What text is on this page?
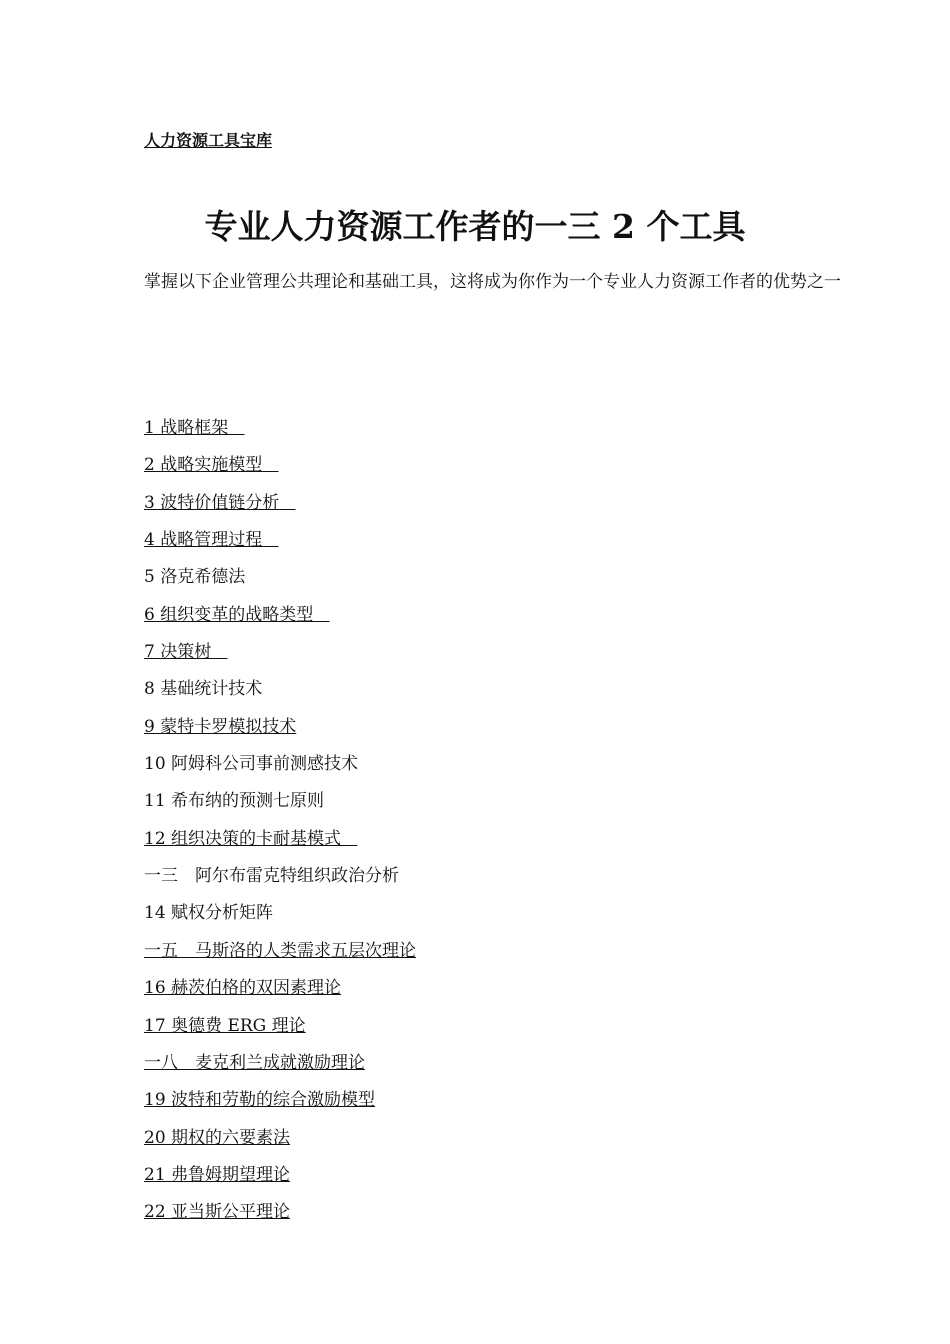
人力资源工具宝库
专业人力资源工作者的一三 2 个工具

掌握以下企业管理公共理论和基础工具，这将成为你作为一个专业人力资源工作者的优势之一

1 战略框架
2 战略实施模型
3 波特价值链分析
4 战略管理过程
5 洛克希德法
6 组织变革的战略类型
7 决策树
8 基础统计技术
9 蒙特卡罗模拟技术
10 阿姆科公司事前测感技术
11 希布纳的预测七原则
12 组织决策的卡耐基模式
一三　阿尔布雷克特组织政治分析
14 赋权分析矩阵
一五　马斯洛的人类需求五层次理论
16 赫茨伯格的双因素理论
17 奥德费 ERG 理论
一八　麦克利兰成就激励理论
19 波特和劳勒的综合激励模型
20 期权的六要素法
21 弗鲁姆期望理论
22 亚当斯公平理论
